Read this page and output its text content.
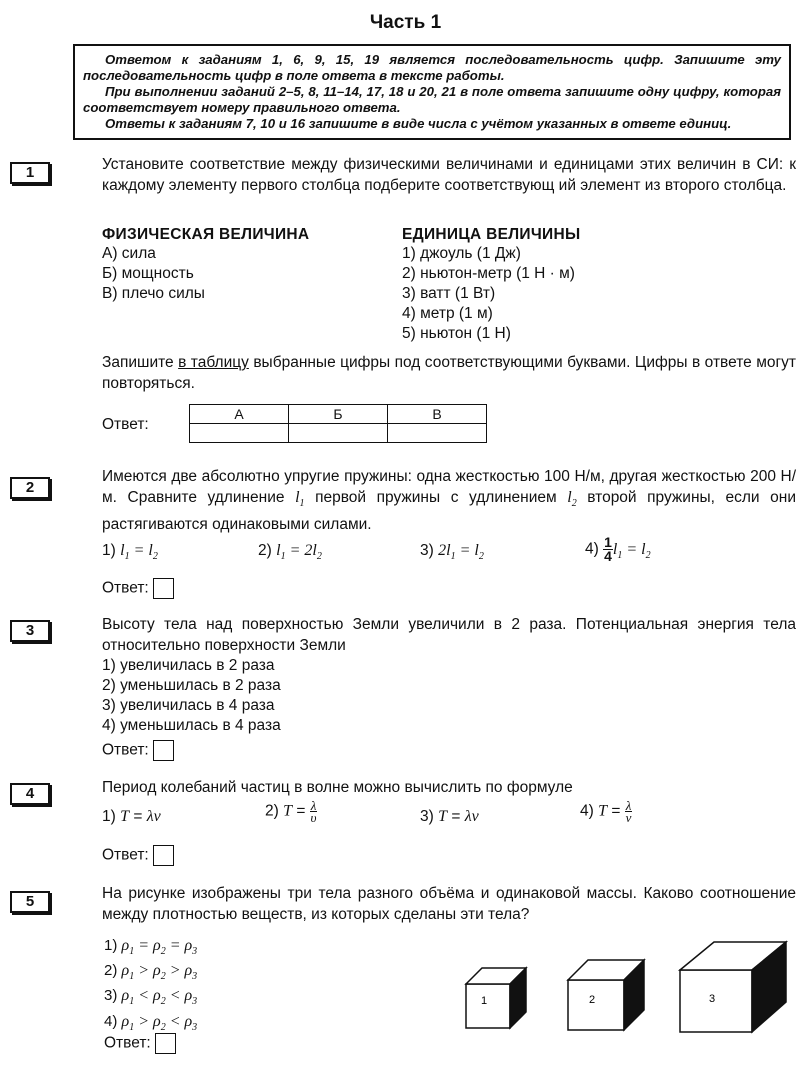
Часть 1

Ответом к заданиям 1, 6, 9, 15, 19 является последовательность цифр. Запишите эту последовательность цифр в поле ответа в тексте работы.

При выполнении заданий 2–5, 8, 11–14, 17, 18 и 20, 21 в поле ответа запишите одну цифру, которая соответствует номеру правильного ответа.

Ответы к заданиям 7, 10 и 16 запишите в виде числа с учётом указанных в ответе единиц.

1	Установите соответствие между физическими величинами и единицами этих величин в СИ: к каждому элементу первого столбца подберите соответствующ ий элемент из второго столбца.
ФИЗИЧЕСКАЯ ВЕЛИЧИНА
А) сила
Б) мощность
В) плечо силы
ЕДИНИЦА ВЕЛИЧИНЫ
1) джоуль (1 Дж)
2) ньютон-метр (1 Н · м)
3) ватт (1 Вт)
4) метр (1 м)
5) ньютон (1 Н)
Запишите в таблицу выбранные цифры под соответствующими буквами. Цифры в ответе могут повторяться.
Ответ:
А	Б	В

2
Имеются две абсолютно упругие пружины: одна жесткостью 100 Н/м, другая жесткостью 200 Н/м. Сравните удлинение $l_1$ первой пружины с удлинением $l_2$ второй пружины, если они растягиваются одинаковыми силами.
1) $l_1 = l_2$	2) $l_1 = 2l_2$	3) $2l_1 = l_2$	$4) \frac{1}{4} l_1 = l_2$
Ответ:
3	Высоту тела над поверхностью Земли увеличили в 2 раза. Потенциальная энергия тела относительно поверхности Земли
1) увеличилась в 2 раза
2) уменьшилась в 2 раза
3) увеличилась в 4 раза
4) уменьшилась в 4 раза
Ответ:
4	Период колебаний частиц в волне можно вычислить по формуле
1) T = λv	2) $T = \frac{\lambda}{\upsilon}$	3) T = λν	4) $T = \frac{\lambda}{\nu}$
Ответ:
5	На рисунке изображены три тела разного объёма и одинаковой массы. Каково соотношение между плотностью веществ, из которых сделаны эти тела?
1) $\rho_1 = \rho_2 = \rho_3$
2) $\rho_1 > \rho_2 > \rho_3$
3) $\rho_1 < \rho_2 < \rho_3$
4) $\rho_1 > \rho_2 < \rho_3$
Ответ:
1	2	3
